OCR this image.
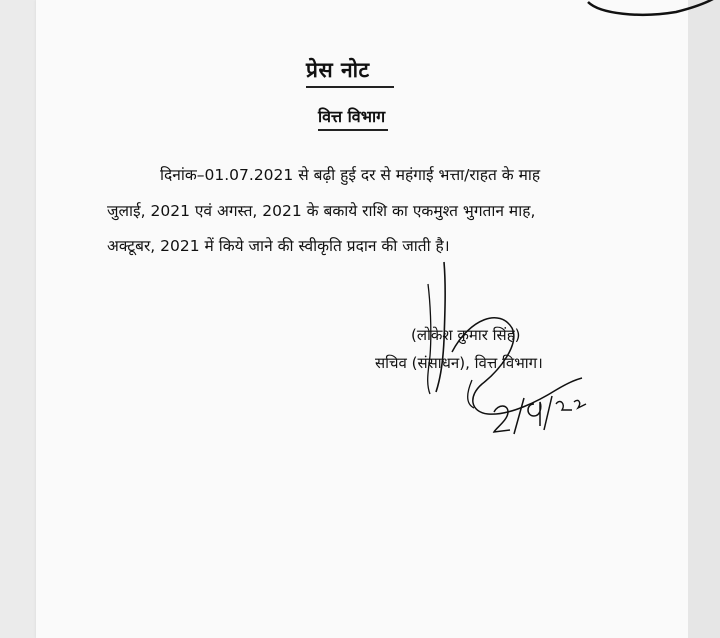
प्रेस नोट
वित्त विभाग
दिनांक–01.07.2021 से बढ़ी हुई दर से महंगाई भत्ता/राहत के माह
जुलाई, 2021 एवं अगस्त, 2021 के बकाये राशि का एकमुश्त भुगतान माह,
अक्टूबर, 2021 में किये जाने की स्वीकृति प्रदान की जाती है।
(लोकेश कुमार सिंह)
सचिव (संसाधन), वित्त विभाग।
